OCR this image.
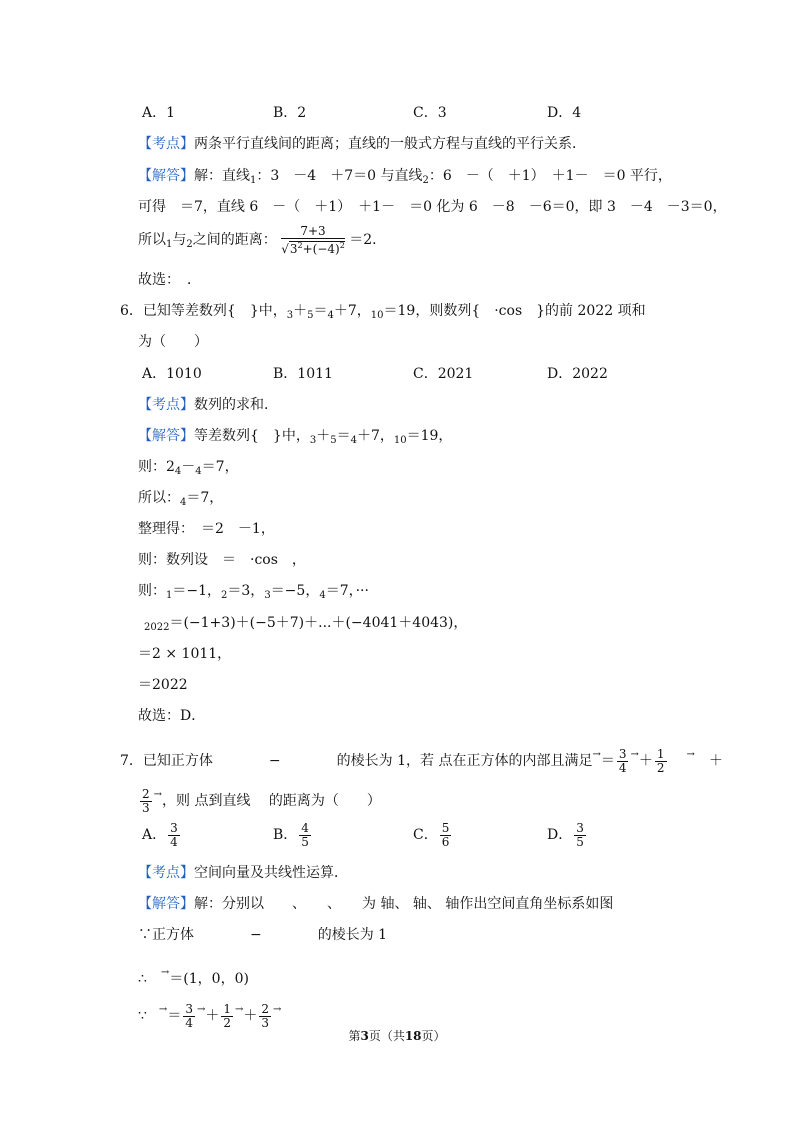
A．1	B．2	C．3	D．4
【考点】两条平行直线间的距离；直线的一般式方程与直线的平行关系．
【解答】解：直线$_1$：3　－4　＋7＝0 与直线$_2$：6　－（　＋1）　＋1－　＝0 平行，
可得　＝7，直线 6　－（　＋1）　＋1－　＝0 化为 6　－8　－6＝0，即 3　－4　－3＝0，
所以$_1$与$_2$之间的距离： $\frac{7+3}{√3^2+(-4)^2} =2$．
故选：　．
6．已知等差数列{　}中，$_3+_5=_4+7$，$_{10}$＝19，则数列{　·cos　}的前 2022 项和
为（　　）
A．1010	B．1011	C．2021	D．2022
【考点】数列的求和．
【解答】等差数列{　}中，$_3+_5=_4+7$，$_{10}$＝19，
则：$2_4-_4=7$，
所以：$_4$＝7，
整理得：　＝2　－1，
则：数列设　＝　·cos　，
则：$_1$＝−1，$_2$＝3，$_3$＝−5，$_4$＝7，···
$_{2022}$＝(−1+3)＋(−5＋7)＋...＋(−4041＋4043)，
＝2 × 1011，
＝2022
故选：D．
7．已知正方体　　　　−　　　　的棱长为 1，若 点在正方体的内部且满足$^\to= \frac{3}{4} ^\to+ \frac{1}{2} ^\to$ ＋
$\frac{2}{3} ^\to$，则 点到直线　 的距离为（　　）
A． $\frac{3}{4}$	B． $\frac{4}{5}$	C． $\frac{5}{6}$	D． $\frac{3}{5}$
【考点】空间向量及共线性运算．
【解答】解：分别以　　、　　、　　为 轴、 轴、 轴作出空间直角坐标系如图
∵正方体　　　　−　　　　的棱长为 1
∴ →＝(1，0，0)
∵ $^\to= \frac{3}{4} ^\to+ \frac{1}{2} ^\to+ \frac{2}{3} ^\to$
第3页（共18页）
